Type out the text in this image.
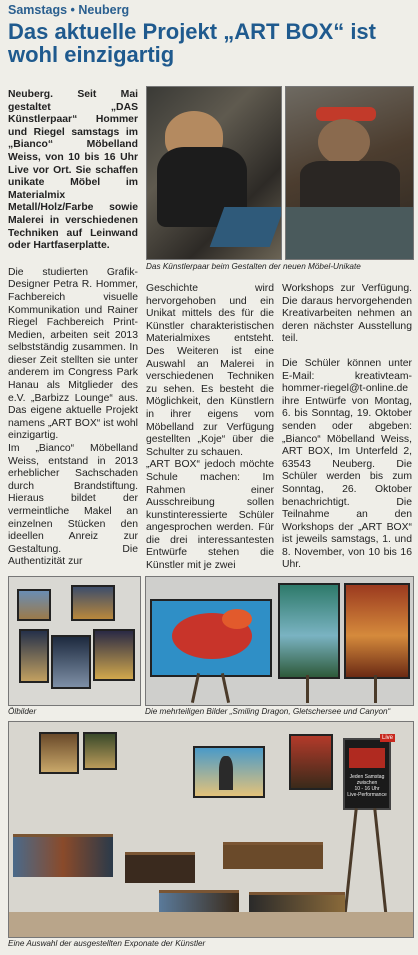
Samstags • Neuberg
Das aktuelle Projekt „ART BOX“ ist wohl einzigartig

Neuberg. Seit Mai gestaltet „DAS Künstlerpaar“ Hommer und Riegel samstags im „Bianco“ Möbelland Weiss, von 10 bis 16 Uhr Live vor Ort. Sie schaffen unikate Möbel im Materialmix Metall/Holz/Farbe sowie Malerei in verschiedenen Techniken auf Leinwand oder Hartfaserplatte.

Die studierten Grafik-Designer Petra R. Hommer, Fachbereich visuelle Kommunikation und Rainer Riegel Fachbereich Print-Medien, arbeiten seit 2013 selbstständig zusammen. In dieser Zeit stellten sie unter anderem im Congress Park Hanau als Mitglieder des e.V. „Barbizz Lounge“ aus. Das eigene aktuelle Projekt namens „ART BOX“ ist wohl einzigartig.

Im „Bianco“ Möbelland Weiss, entstand in 2013 erheblicher Sachschaden durch Brandstiftung. Hieraus bildet der vermeintliche Makel an einzelnen Stücken den ideellen Anreiz zur Gestaltung. Die Authentizität zur

Das Künstlerpaar beim Gestalten der neuen Möbel-Unikate

Geschichte wird hervorgehoben und ein Unikat mittels des für die Künstler charakteristischen Materialmixes entsteht. Des Weiteren ist eine Auswahl an Malerei in verschiedenen Techniken zu sehen. Es besteht die Möglichkeit, den Künstlern in ihrer eigens vom Möbelland zur Verfügung gestellten „Koje“ über die Schulter zu schauen.

„ART BOX“ jedoch möchte Schule machen: Im Rahmen einer Ausschreibung sollen kunstinteressierte Schüler angesprochen werden. Für die drei interessantesten Entwürfe stehen die Künstler mit je zwei

Workshops zur Verfügung. Die daraus hervorgehenden Kreativarbeiten nehmen an deren nächster Ausstellung teil.

Die Schüler können unter E-Mail: kreativteam-hommer-riegel@t-online.de ihre Entwürfe von Montag, 6. bis Sonntag, 19. Oktober senden oder abgeben: „Bianco“ Möbelland Weiss, ART BOX, Im Unterfeld 2, 63543 Neuberg. Die Schüler werden bis zum Sonntag, 26. Oktober benachrichtigt. Die Teilnahme an den Workshops der „ART BOX“ ist jeweils samstags, 1. und 8. November, von 10 bis 16 Uhr.

Ölbilder	Die mehrteiligen Bilder „Smiling Dragon, Gletschersee und Canyon“
Live
Jeden Samstag
zwischen
10 - 16 Uhr
Live-Performance
Eine Auswahl der ausgestellten Exponate der Künstler
